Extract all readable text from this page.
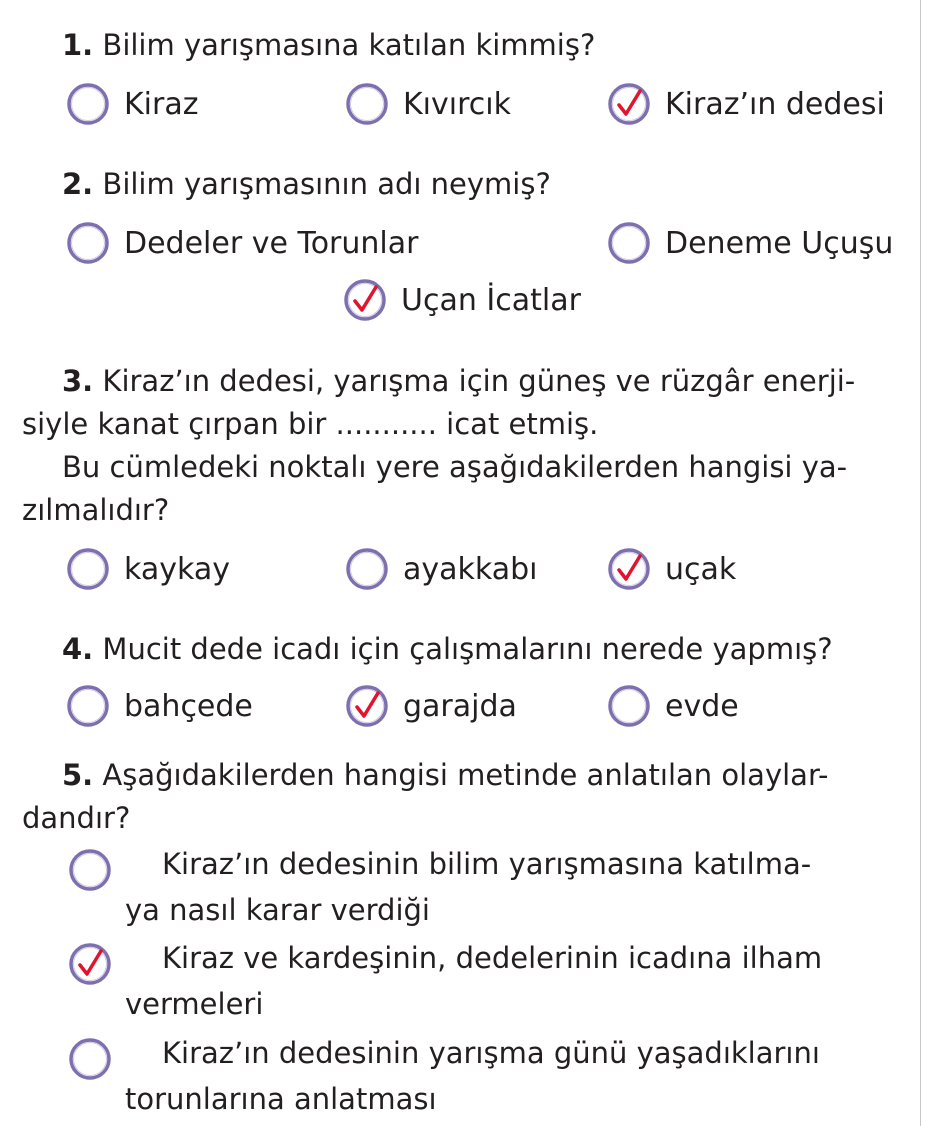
1. Bilim yarışmasına katılan kimmiş?
Kiraz	Kıvırcık	Kiraz’ın dedesi
2. Bilim yarışmasının adı neymiş?
Dedeler ve Torunlar	Deneme Uçuşu
Uçan İcatlar
3. Kiraz’ın dedesi, yarışma için güneş ve rüzgâr enerji-
siyle kanat çırpan bir ........... icat etmiş.
Bu cümledeki noktalı yere aşağıdakilerden hangisi ya-
zılmalıdır?
kaykay	ayakkabı	uçak
4. Mucit dede icadı için çalışmalarını nerede yapmış?
bahçede	garajda	evde
5. Aşağıdakilerden hangisi metinde anlatılan olaylar-
dandır?
Kiraz’ın dedesinin bilim yarışmasına katılma-
ya nasıl karar verdiği
Kiraz ve kardeşinin, dedelerinin icadına ilham
vermeleri
Kiraz’ın dedesinin yarışma günü yaşadıklarını
torunlarına anlatması
